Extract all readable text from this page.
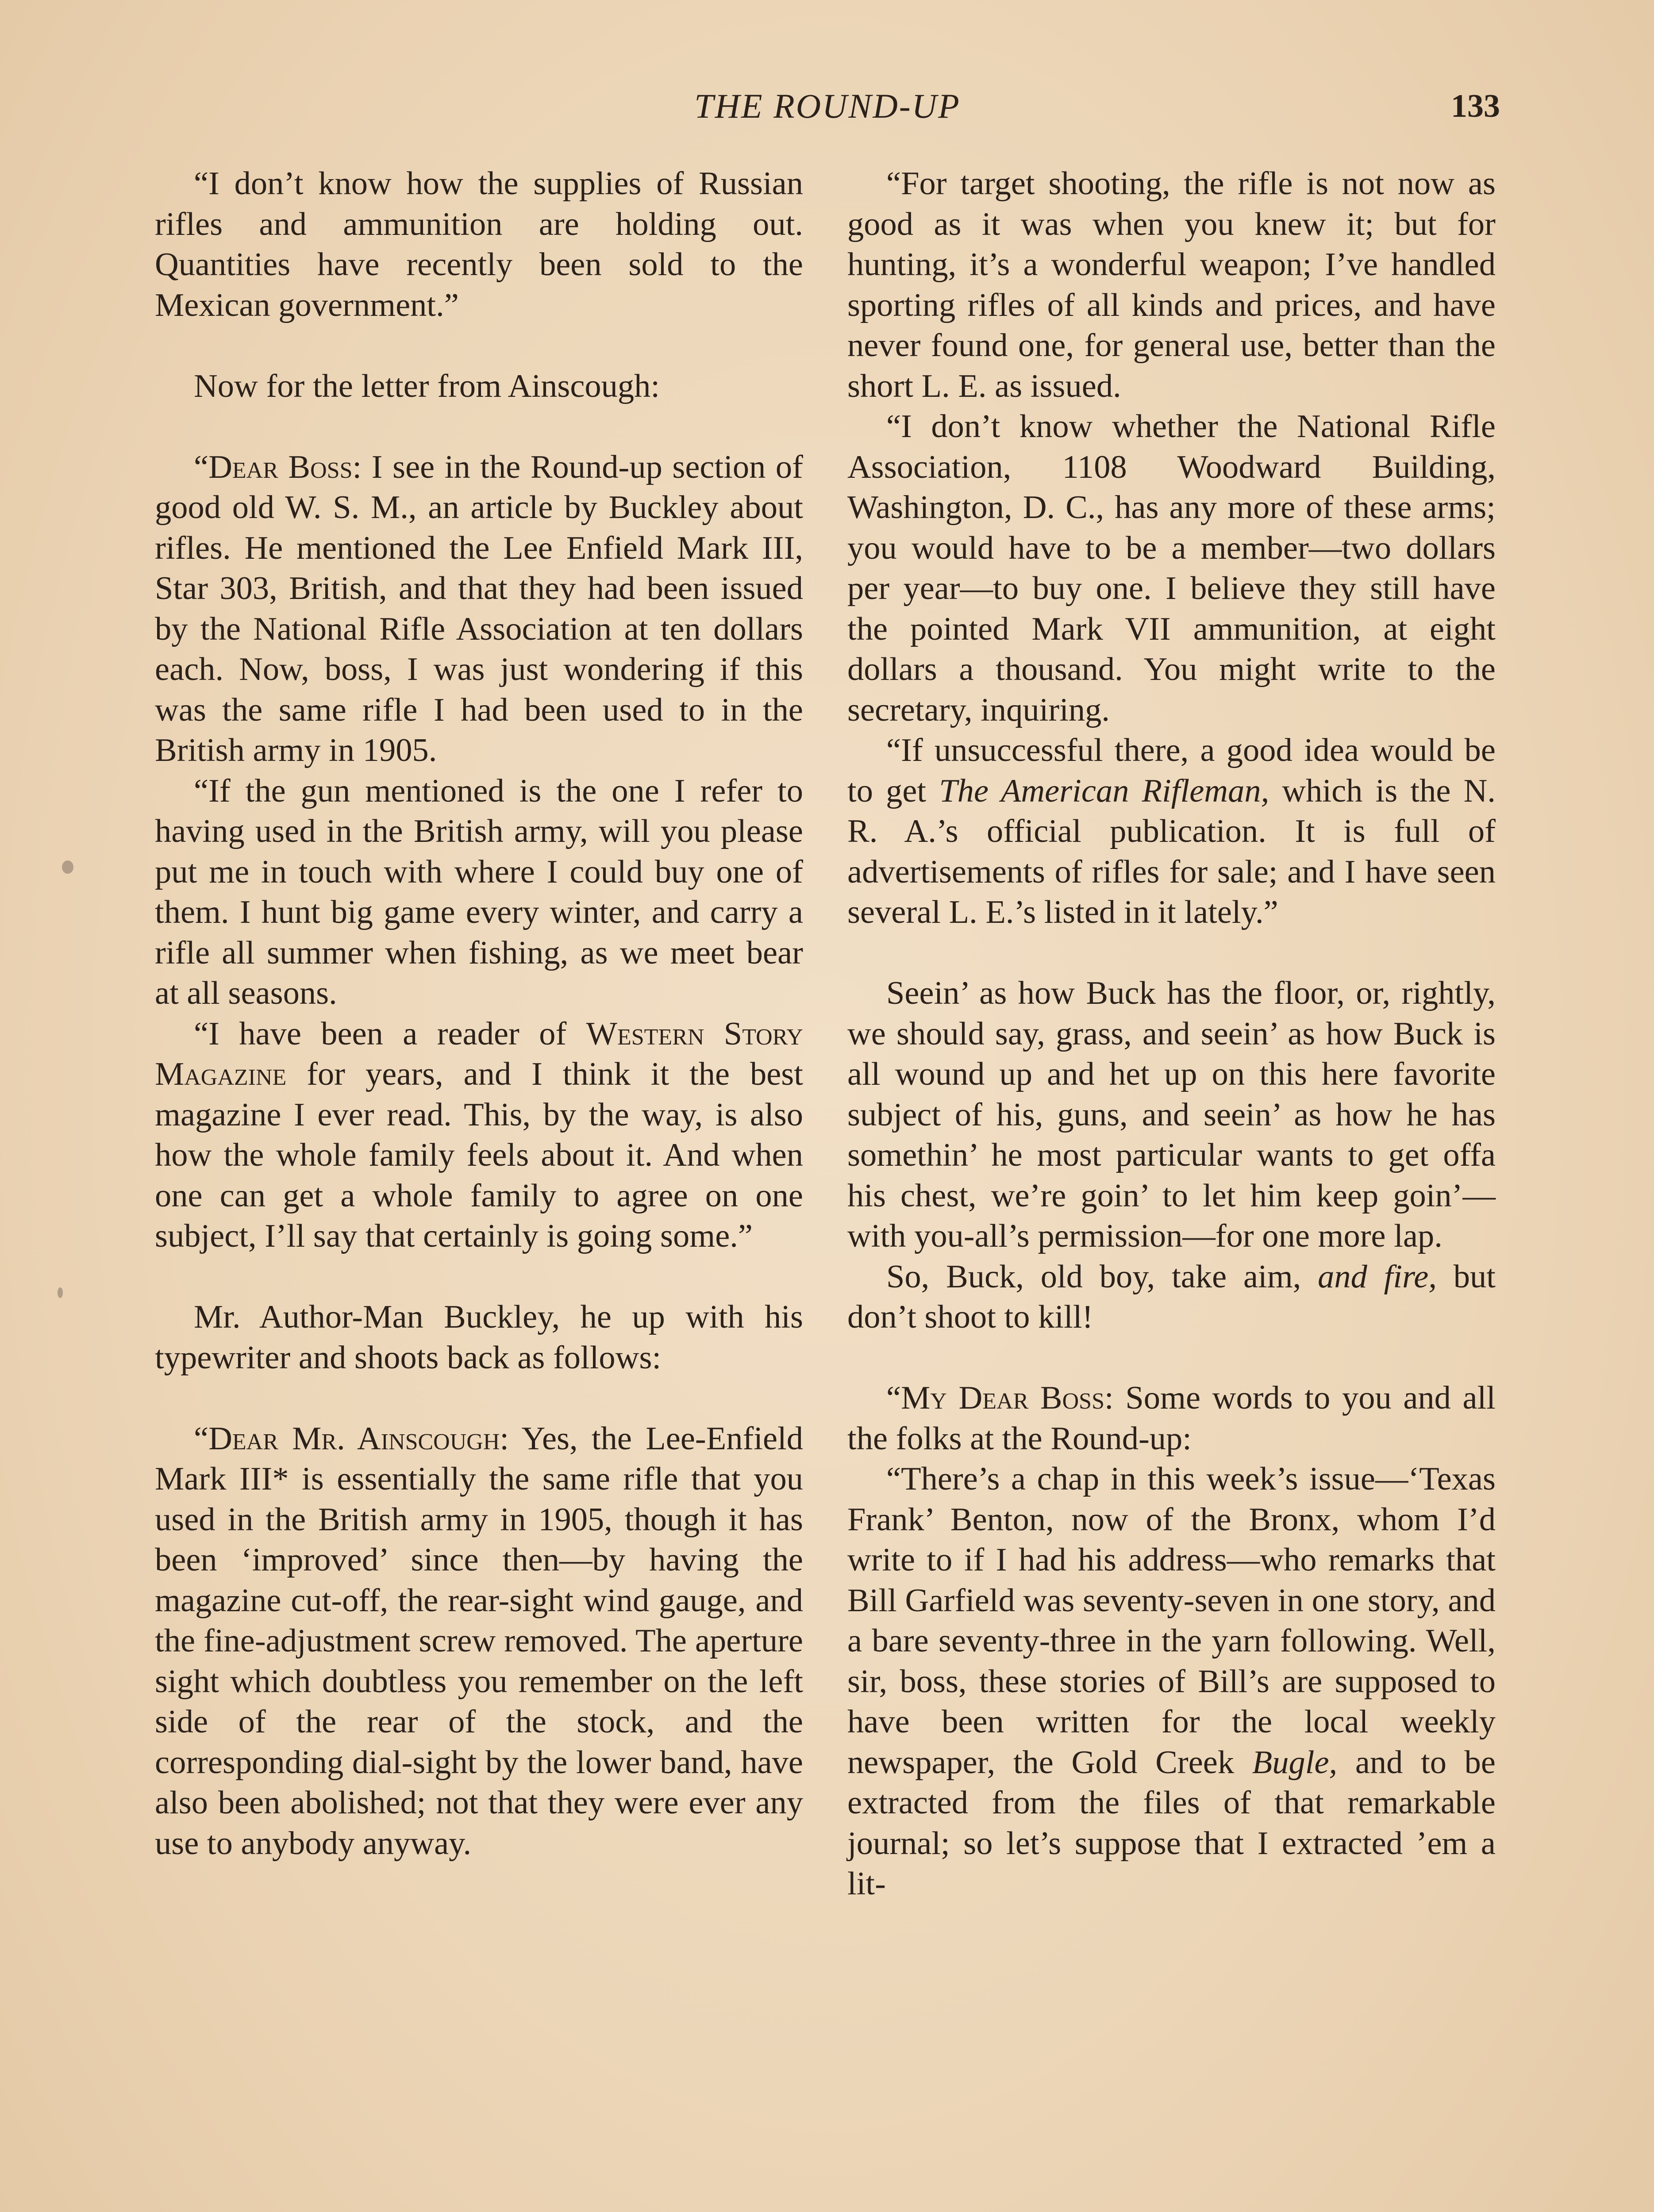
THE ROUND-UP	133

“I don’t know how the supplies of Russian rifles and ammunition are holding out. Quantities have recently been sold to the Mexican government.”

Now for the letter from Ainscough:

“Dear Boss: I see in the Round-up section of good old W. S. M., an article by Buckley about rifles. He mentioned the Lee Enfield Mark III, Star 303, British, and that they had been issued by the National Rifle Association at ten dollars each. Now, boss, I was just wondering if this was the same rifle I had been used to in the British army in 1905.

“If the gun mentioned is the one I refer to having used in the British army, will you please put me in touch with where I could buy one of them. I hunt big game every winter, and carry a rifle all summer when fishing, as we meet bear at all seasons.

“I have been a reader of Western Story Magazine for years, and I think it the best magazine I ever read. This, by the way, is also how the whole family feels about it. And when one can get a whole family to agree on one subject, I’ll say that certainly is going some.”

Mr. Author-Man Buckley, he up with his typewriter and shoots back as follows:

“Dear Mr. Ainscough: Yes, the Lee-Enfield Mark III* is essentially the same rifle that you used in the British army in 1905, though it has been ‘improved’ since then—by having the magazine cut-off, the rear-sight wind gauge, and the fine-adjustment screw removed. The aperture sight which doubtless you remember on the left side of the rear of the stock, and the corresponding dial-sight by the lower band, have also been abolished; not that they were ever any use to anybody anyway.

“For target shooting, the rifle is not now as good as it was when you knew it; but for hunting, it’s a wonderful weapon; I’ve handled sporting rifles of all kinds and prices, and have never found one, for general use, better than the short L. E. as issued.

“I don’t know whether the National Rifle Association, 1108 Woodward Building, Washington, D. C., has any more of these arms; you would have to be a member—two dollars per year—to buy one. I believe they still have the pointed Mark VII ammunition, at eight dollars a thousand. You might write to the secretary, inquiring.

“If unsuccessful there, a good idea would be to get The American Rifleman, which is the N. R. A.’s official publication. It is full of advertisements of rifles for sale; and I have seen several L. E.’s listed in it lately.”

Seein’ as how Buck has the floor, or, rightly, we should say, grass, and seein’ as how Buck is all wound up and het up on this here favorite subject of his, guns, and seein’ as how he has somethin’ he most particular wants to get offa his chest, we’re goin’ to let him keep goin’—with you-all’s permission—for one more lap.

So, Buck, old boy, take aim, and fire, but don’t shoot to kill!

“My Dear Boss: Some words to you and all the folks at the Round-up:

“There’s a chap in this week’s issue—‘Texas Frank’ Benton, now of the Bronx, whom I’d write to if I had his address—who remarks that Bill Garfield was seventy-seven in one story, and a bare seventy-three in the yarn following. Well, sir, boss, these stories of Bill’s are supposed to have been written for the local weekly newspaper, the Gold Creek Bugle, and to be extracted from the files of that remarkable journal; so let’s suppose that I extracted ’em a lit-
